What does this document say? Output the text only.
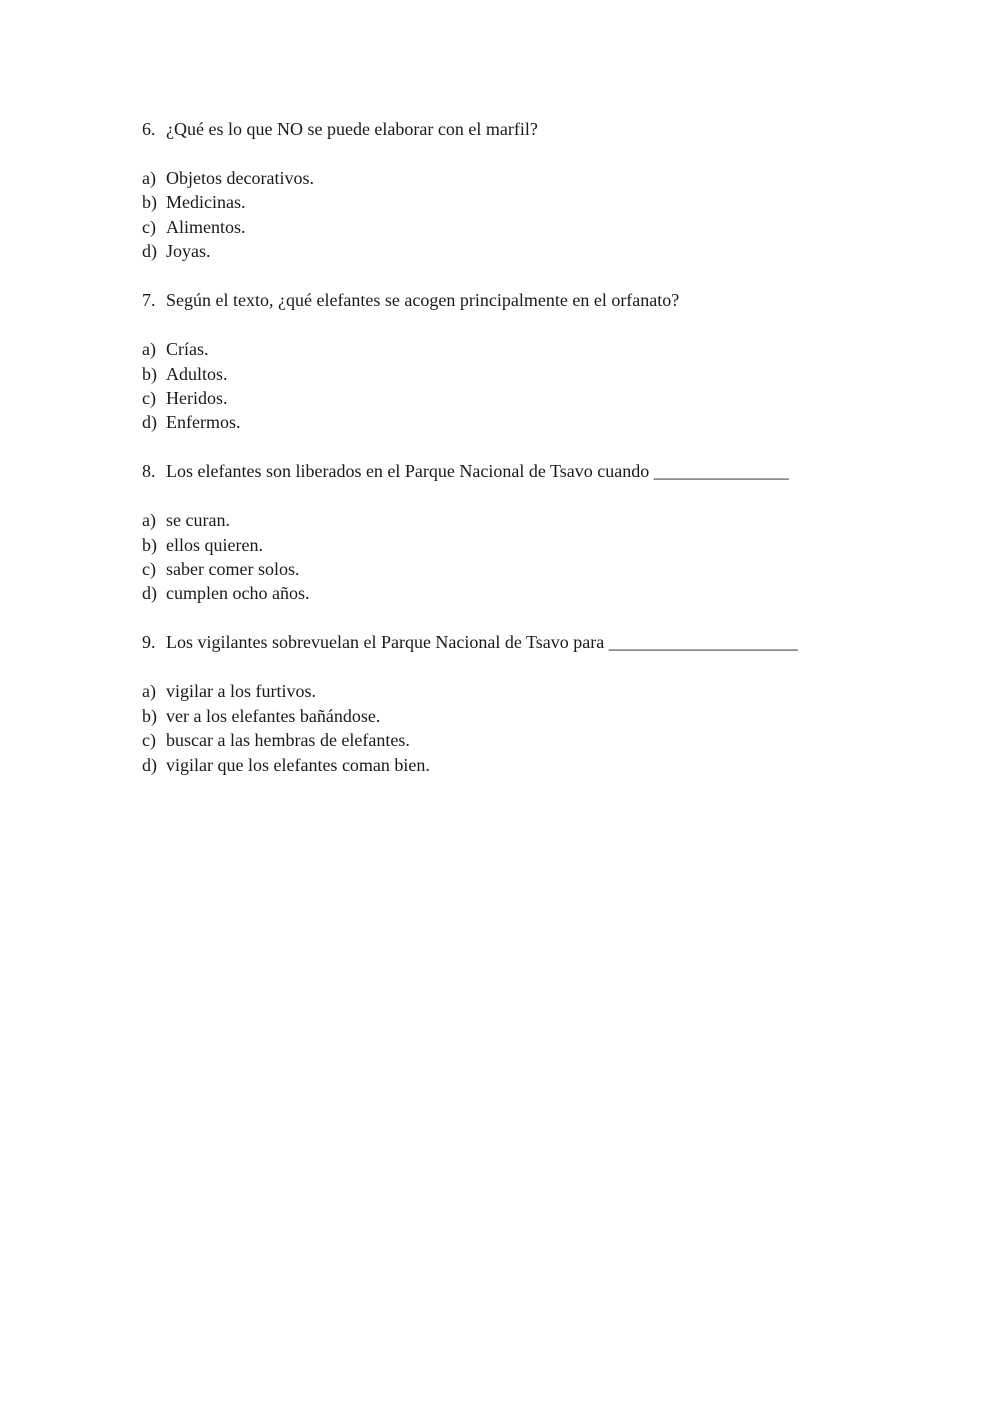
6. ¿Qué es lo que NO se puede elaborar con el marfil?
a) Objetos decorativos.
b) Medicinas.
c) Alimentos.
d) Joyas.
7. Según el texto, ¿qué elefantes se acogen principalmente en el orfanato?
a) Crías.
b) Adultos.
c) Heridos.
d) Enfermos.
8. Los elefantes son liberados en el Parque Nacional de Tsavo cuando _______________
a) se curan.
b) ellos quieren.
c) saber comer solos.
d) cumplen ocho años.
9. Los vigilantes sobrevuelan el Parque Nacional de Tsavo para _____________________
a) vigilar a los furtivos.
b) ver a los elefantes bañándose.
c) buscar a las hembras de elefantes.
d) vigilar que los elefantes coman bien.
